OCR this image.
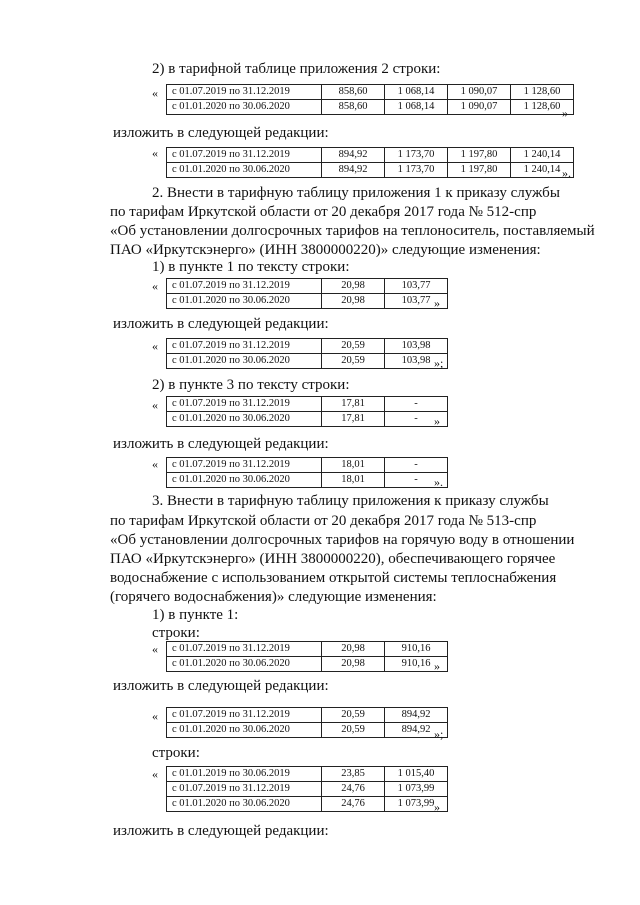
2) в тарифной таблице приложения 2 строки:
« с 01.07.2019 по 31.12.2019	858,60	1 068,14	1 090,07	1 128,60
с 01.01.2020 по 30.06.2020	858,60	1 068,14	1 090,07	1 128,60 »
изложить в следующей редакции:
« с 01.07.2019 по 31.12.2019	894,92	1 173,70	1 197,80	1 240,14
с 01.01.2020 по 30.06.2020	894,92	1 173,70	1 197,80	1 240,14 ».
2. Внести в тарифную таблицу приложения 1 к приказу службы
по тарифам Иркутской области от 20 декабря 2017 года № 512-спр
«Об установлении долгосрочных тарифов на теплоноситель, поставляемый
ПАО «Иркутскэнерго» (ИНН 3800000220)» следующие изменения:
1) в пункте 1 по тексту строки:
« с 01.07.2019 по 31.12.2019	20,98	103,77
с 01.01.2020 по 30.06.2020	20,98	103,77 »
изложить в следующей редакции:
« с 01.07.2019 по 31.12.2019	20,59	103,98
с 01.01.2020 по 30.06.2020	20,59	103,98 »;
2) в пункте 3 по тексту строки:
« с 01.07.2019 по 31.12.2019	17,81	-
с 01.01.2020 по 30.06.2020	17,81	- »
изложить в следующей редакции:
« с 01.07.2019 по 31.12.2019	18,01	-
с 01.01.2020 по 30.06.2020	18,01	- ».
3. Внести в тарифную таблицу приложения к приказу службы
по тарифам Иркутской области от 20 декабря 2017 года № 513-спр
«Об установлении долгосрочных тарифов на горячую воду в отношении
ПАО «Иркутскэнерго» (ИНН 3800000220), обеспечивающего горячее
водоснабжение с использованием открытой системы теплоснабжения
(горячего водоснабжения)» следующие изменения:
1) в пункте 1:
строки:
« с 01.07.2019 по 31.12.2019	20,98	910,16
с 01.01.2020 по 30.06.2020	20,98	910,16 »
изложить в следующей редакции:
« с 01.07.2019 по 31.12.2019	20,59	894,92
с 01.01.2020 по 30.06.2020	20,59	894,92 »;
строки:
« с 01.01.2019 по 30.06.2019	23,85	1 015,40
с 01.07.2019 по 31.12.2019	24,76	1 073,99
с 01.01.2020 по 30.06.2020	24,76	1 073,99 »
изложить в следующей редакции:
